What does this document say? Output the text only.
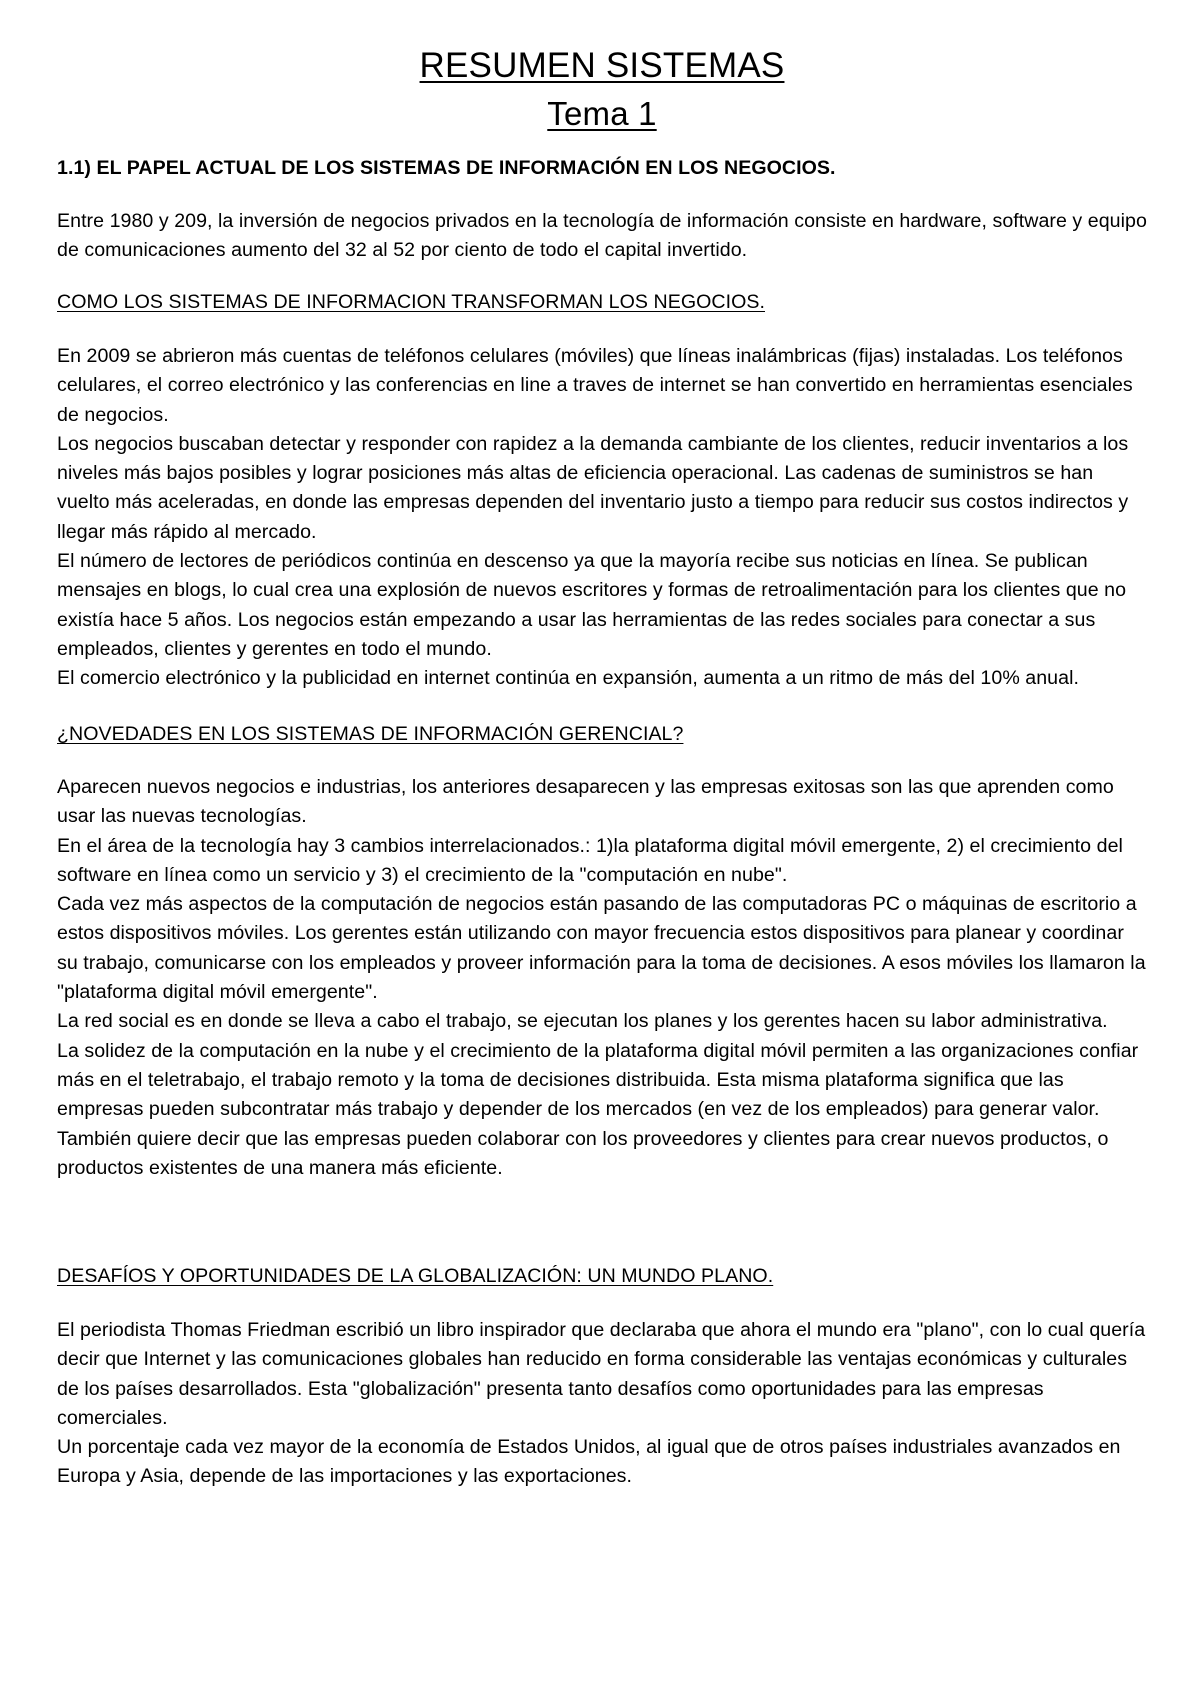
RESUMEN SISTEMAS
Tema 1

1.1) EL PAPEL ACTUAL DE LOS SISTEMAS DE INFORMACIÓN EN LOS NEGOCIOS.

Entre 1980 y 209, la inversión de negocios privados en la tecnología de información consiste en hardware, software y equipo de comunicaciones aumento del 32 al 52 por ciento de todo el capital invertido.

COMO LOS SISTEMAS DE INFORMACION TRANSFORMAN LOS NEGOCIOS.

En 2009 se abrieron más cuentas de teléfonos celulares (móviles) que líneas inalámbricas (fijas) instaladas. Los teléfonos celulares, el correo electrónico y las conferencias en line a traves de internet se han convertido en herramientas esenciales de negocios.
Los negocios buscaban detectar y responder con rapidez a la demanda cambiante de los clientes, reducir inventarios a los niveles más bajos posibles y lograr posiciones más altas de eficiencia operacional. Las cadenas de suministros se han vuelto más aceleradas, en donde las empresas dependen del inventario justo a tiempo para reducir sus costos indirectos y llegar más rápido al mercado.
El número de lectores de periódicos continúa en descenso ya que la mayoría recibe sus noticias en línea. Se publican mensajes en blogs, lo cual crea una explosión de nuevos escritores y formas de retroalimentación para los clientes que no existía hace 5 años. Los negocios están empezando a usar las herramientas de las redes sociales para conectar a sus empleados, clientes y gerentes en todo el mundo.
El comercio electrónico y la publicidad en internet continúa en expansión, aumenta a un ritmo de más del 10% anual.

¿NOVEDADES EN LOS SISTEMAS DE INFORMACIÓN GERENCIAL?

Aparecen nuevos negocios e industrias, los anteriores desaparecen y las empresas exitosas son las que aprenden como usar las nuevas tecnologías.
En el área de la tecnología hay 3 cambios interrelacionados.: 1)la plataforma digital móvil emergente, 2) el crecimiento del software en línea como un servicio y 3) el crecimiento de la "computación en nube".
Cada vez más aspectos de la computación de negocios están pasando de las computadoras PC o máquinas de escritorio a estos dispositivos móviles. Los gerentes están utilizando con mayor frecuencia estos dispositivos para planear y coordinar su trabajo, comunicarse con los empleados y proveer información para la toma de decisiones. A esos móviles los llamaron la "plataforma digital móvil emergente".
La red social es en donde se lleva a cabo el trabajo, se ejecutan los planes y los gerentes hacen su labor administrativa.
La solidez de la computación en la nube y el crecimiento de la plataforma digital móvil permiten a las organizaciones confiar más en el teletrabajo, el trabajo remoto y la toma de decisiones distribuida. Esta misma plataforma significa que las empresas pueden subcontratar más trabajo y depender de los mercados (en vez de los empleados) para generar valor. También quiere decir que las empresas pueden colaborar con los proveedores y clientes para crear nuevos productos, o productos existentes de una manera más eficiente.

DESAFÍOS Y OPORTUNIDADES DE LA GLOBALIZACIÓN: UN MUNDO PLANO.

El periodista Thomas Friedman escribió un libro inspirador que declaraba que ahora el mundo era "plano", con lo cual quería decir que Internet y las comunicaciones globales han reducido en forma considerable las ventajas económicas y culturales de los países desarrollados. Esta "globalización" presenta tanto desafíos como oportunidades para las empresas comerciales.
Un porcentaje cada vez mayor de la economía de Estados Unidos, al igual que de otros países industriales avanzados en Europa y Asia, depende de las importaciones y las exportaciones.
